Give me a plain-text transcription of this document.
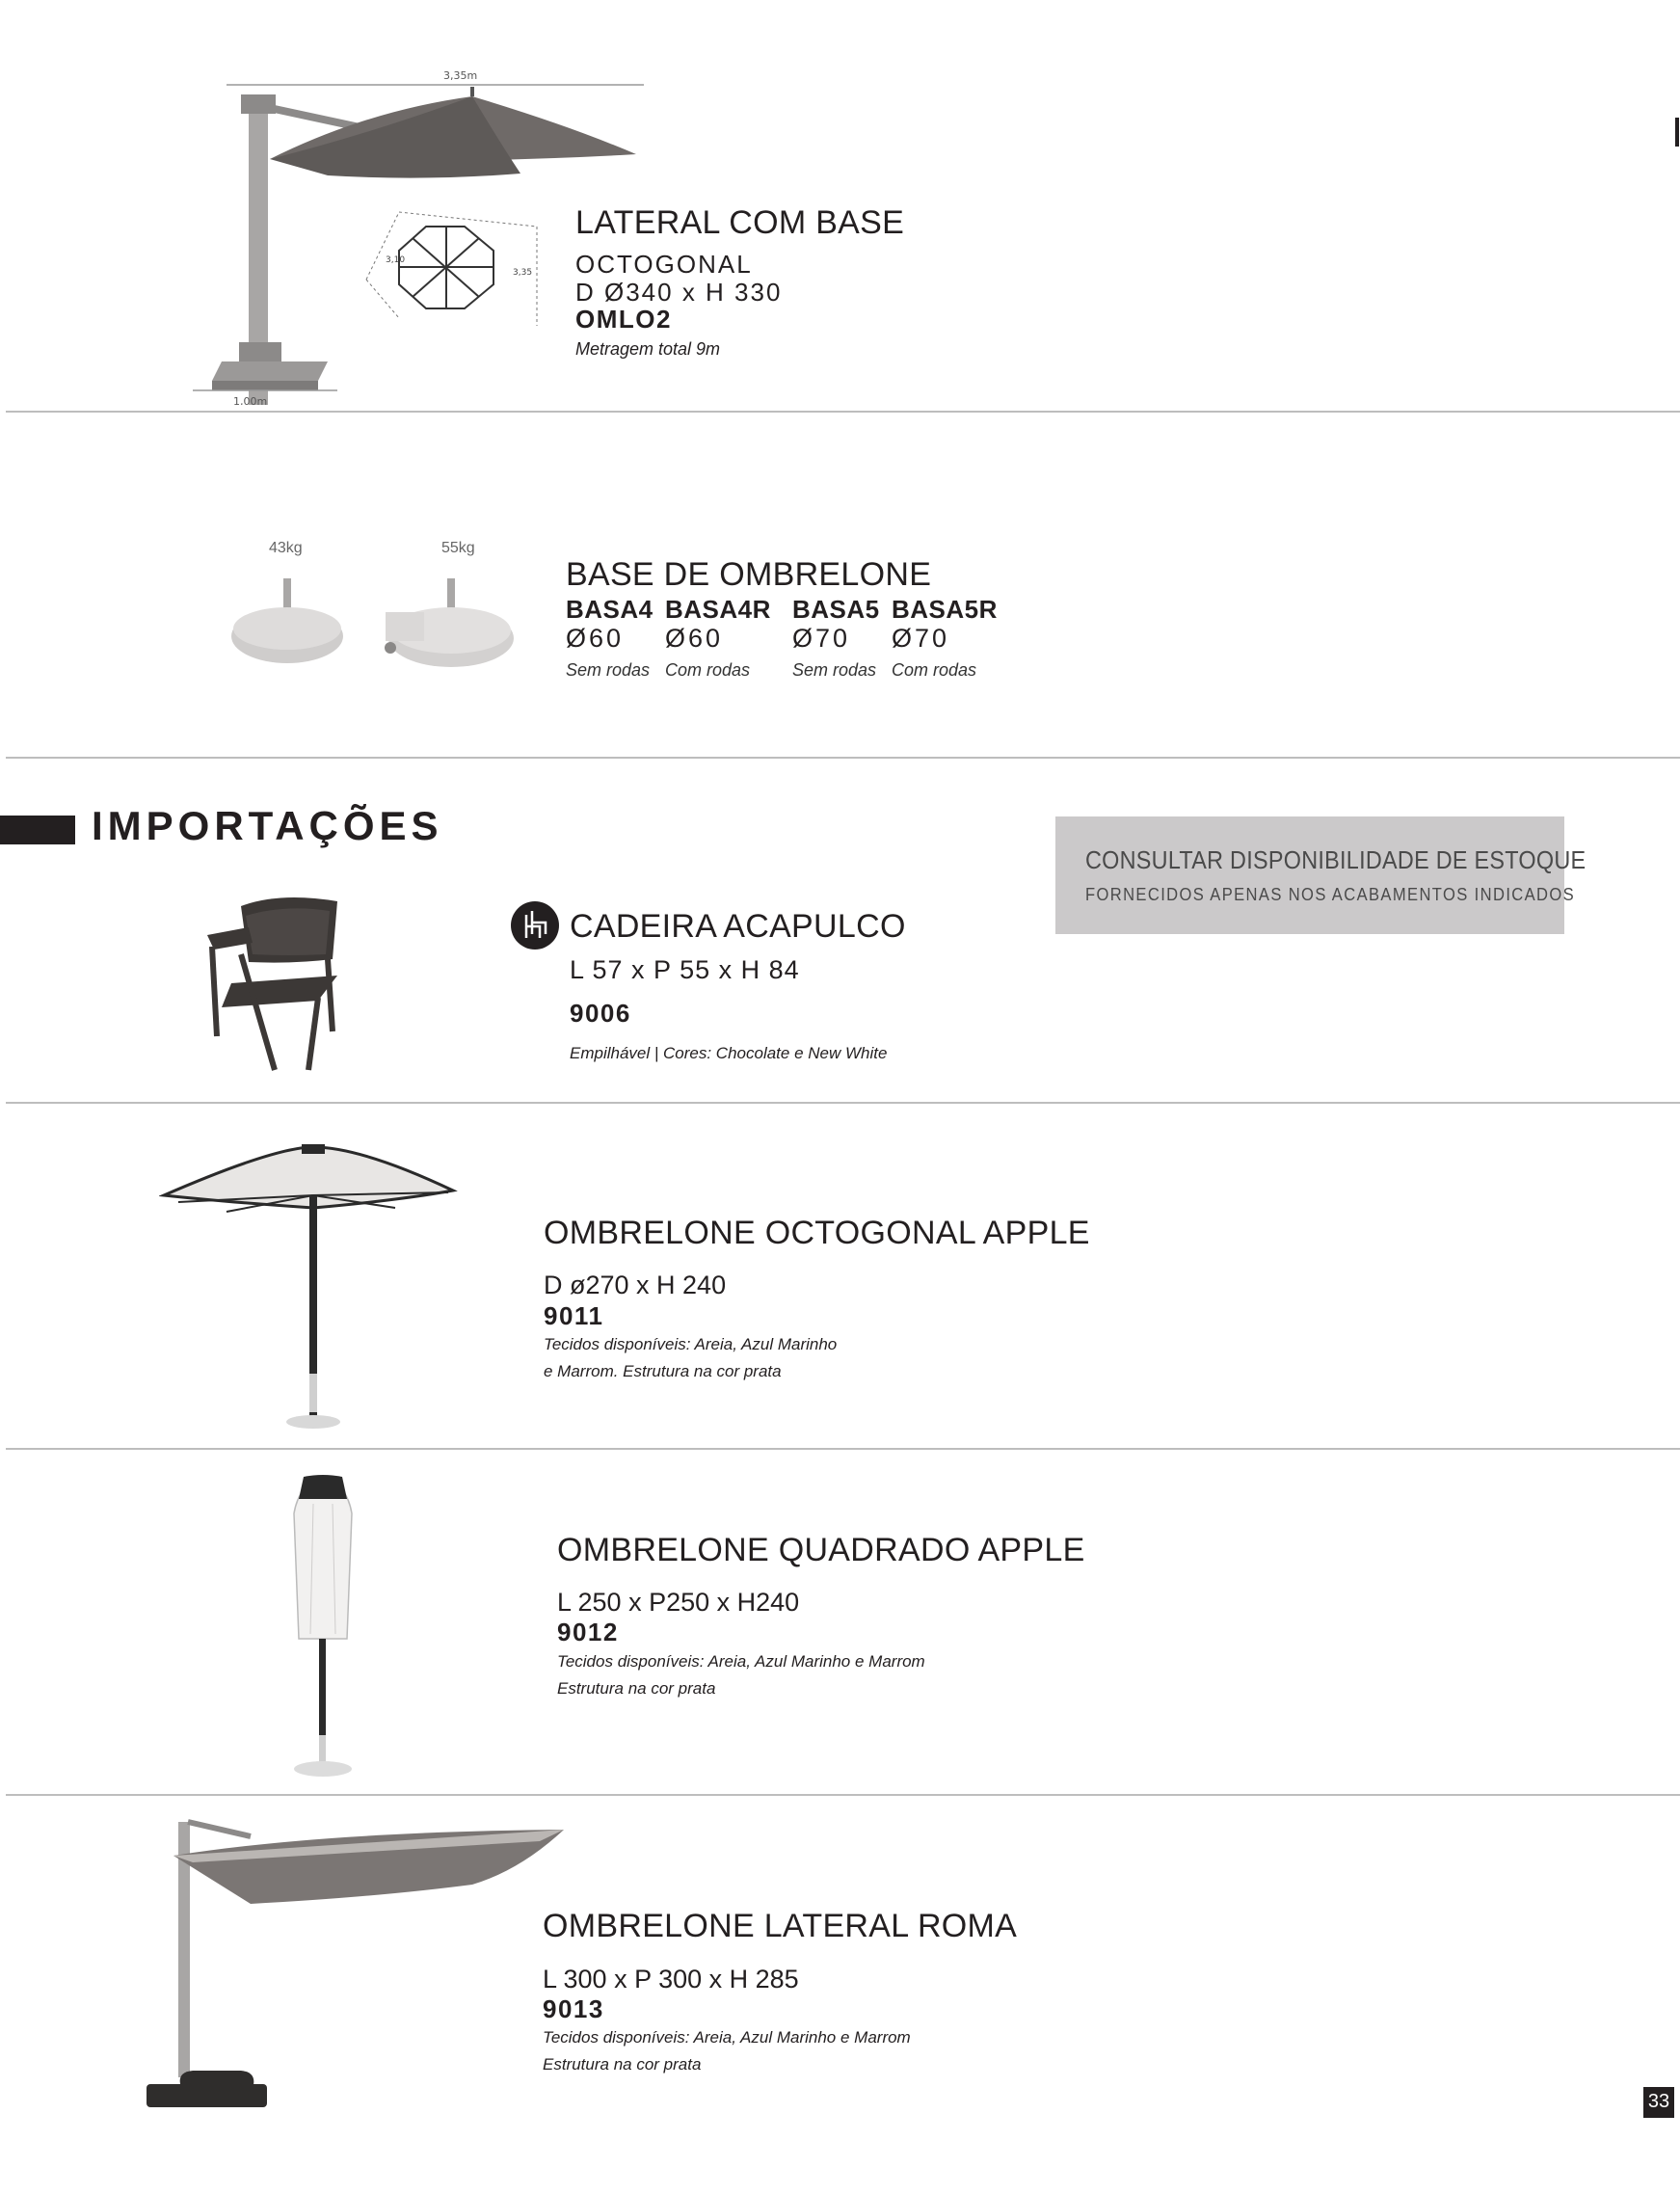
3,35m
1,00m
3,10
3,35
LATERAL COM BASE
OCTOGONAL
D Ø340 x H 330
OMLO2
Metragem total 9m
43kg	55kg
BASE DE OMBRELONE
BASA4
Ø60
Sem rodas
BASA4R
Ø60
Com rodas
BASA5
Ø70
Sem rodas
BASA5R
Ø70
Com rodas
IMPORTAÇÕES
CONSULTAR DISPONIBILIDADE DE ESTOQUE
FORNECIDOS APENAS NOS ACABAMENTOS INDICADOS
CADEIRA ACAPULCO
L 57 x P 55 x H 84
9006
Empilhável | Cores: Chocolate e New White
OMBRELONE OCTOGONAL APPLE
D ø270 x H 240
9011
Tecidos disponíveis: Areia, Azul Marinho
e Marrom. Estrutura na cor prata
OMBRELONE QUADRADO APPLE
L 250 x P250 x H240
9012
Tecidos disponíveis: Areia, Azul Marinho e Marrom
Estrutura na cor prata
OMBRELONE LATERAL ROMA
L 300 x P 300 x H 285
9013
Tecidos disponíveis: Areia, Azul Marinho e Marrom
Estrutura na cor prata
33
